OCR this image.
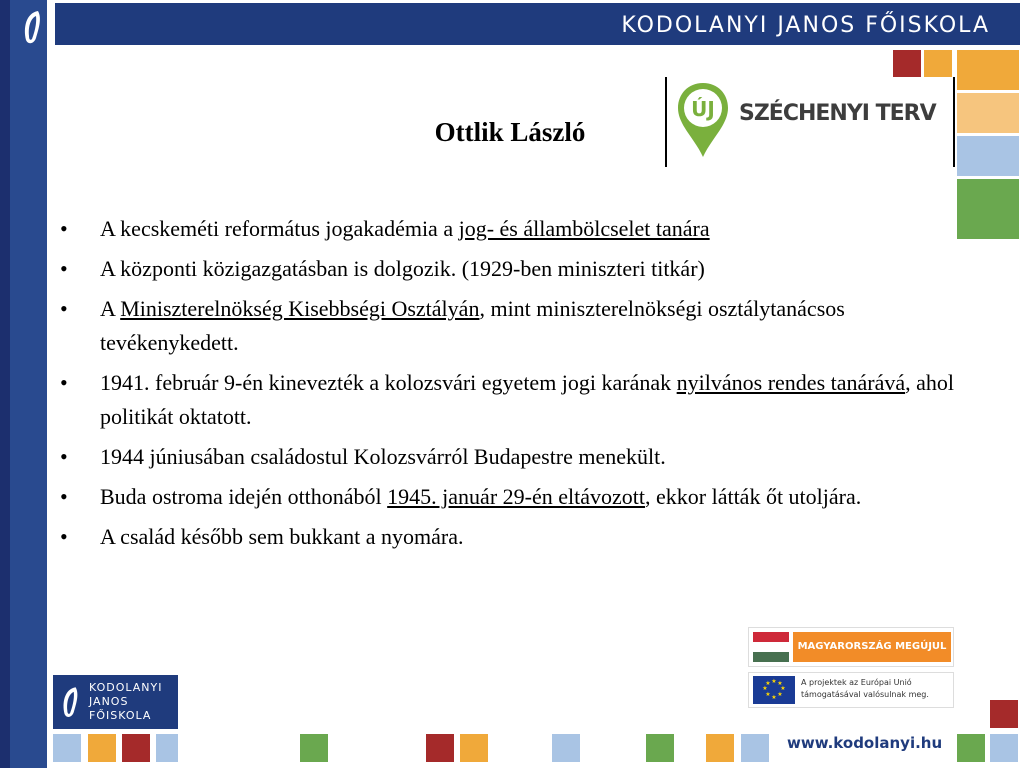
KODOLANYI JANOS FŐISKOLA
Ottlik László
ÚJ SZÉCHENYI TERV
• A kecskeméti református jogakadémia a jog- és állambölcselet tanára
• A központi közigazgatásban is dolgozik. (1929-ben miniszteri titkár)
• A Miniszterelnökség Kisebbségi Osztályán, mint miniszterelnökségi osztálytanácsos tevékenykedett.
• 1941. február 9-én kinevezték a kolozsvári egyetem jogi karának nyilvános rendes tanárává, ahol politikát oktatott.
• 1944 júniusában családostul Kolozsvárról Budapestre menekült.
• Buda ostroma idején otthonából 1945. január 29-én eltávozott, ekkor látták őt utoljára.
• A család később sem bukkant a nyomára.
KODOLANYI
JANOS
FŐISKOLA
MAGYARORSZÁG MEGÚJUL
★ ★
★
★
★
★
★
★	A projektek az Európai Unió
támogatásával valósulnak meg.
www.kodolanyi.hu
